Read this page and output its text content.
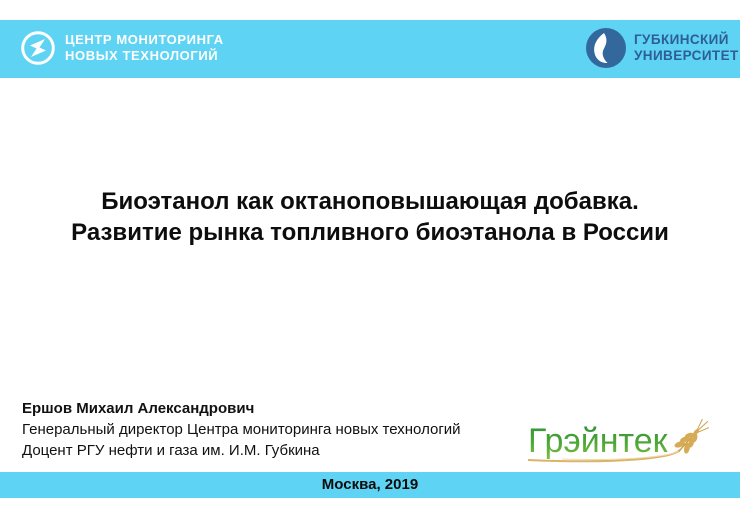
ЦЕНТР МОНИТОРИНГА
НОВЫХ ТЕХНОЛОГИЙ
ГУБКИНСКИЙ
УНИВЕРСИТЕТ
Биоэтанол как октаноповышающая добавка.
Развитие рынка топливного биоэтанола в России
Ершов Михаил Александрович
Генеральный директор Центра мониторинга новых технологий
Доцент РГУ нефти и газа им. И.М. Губкина	Грэйнтек
Москва, 2019
